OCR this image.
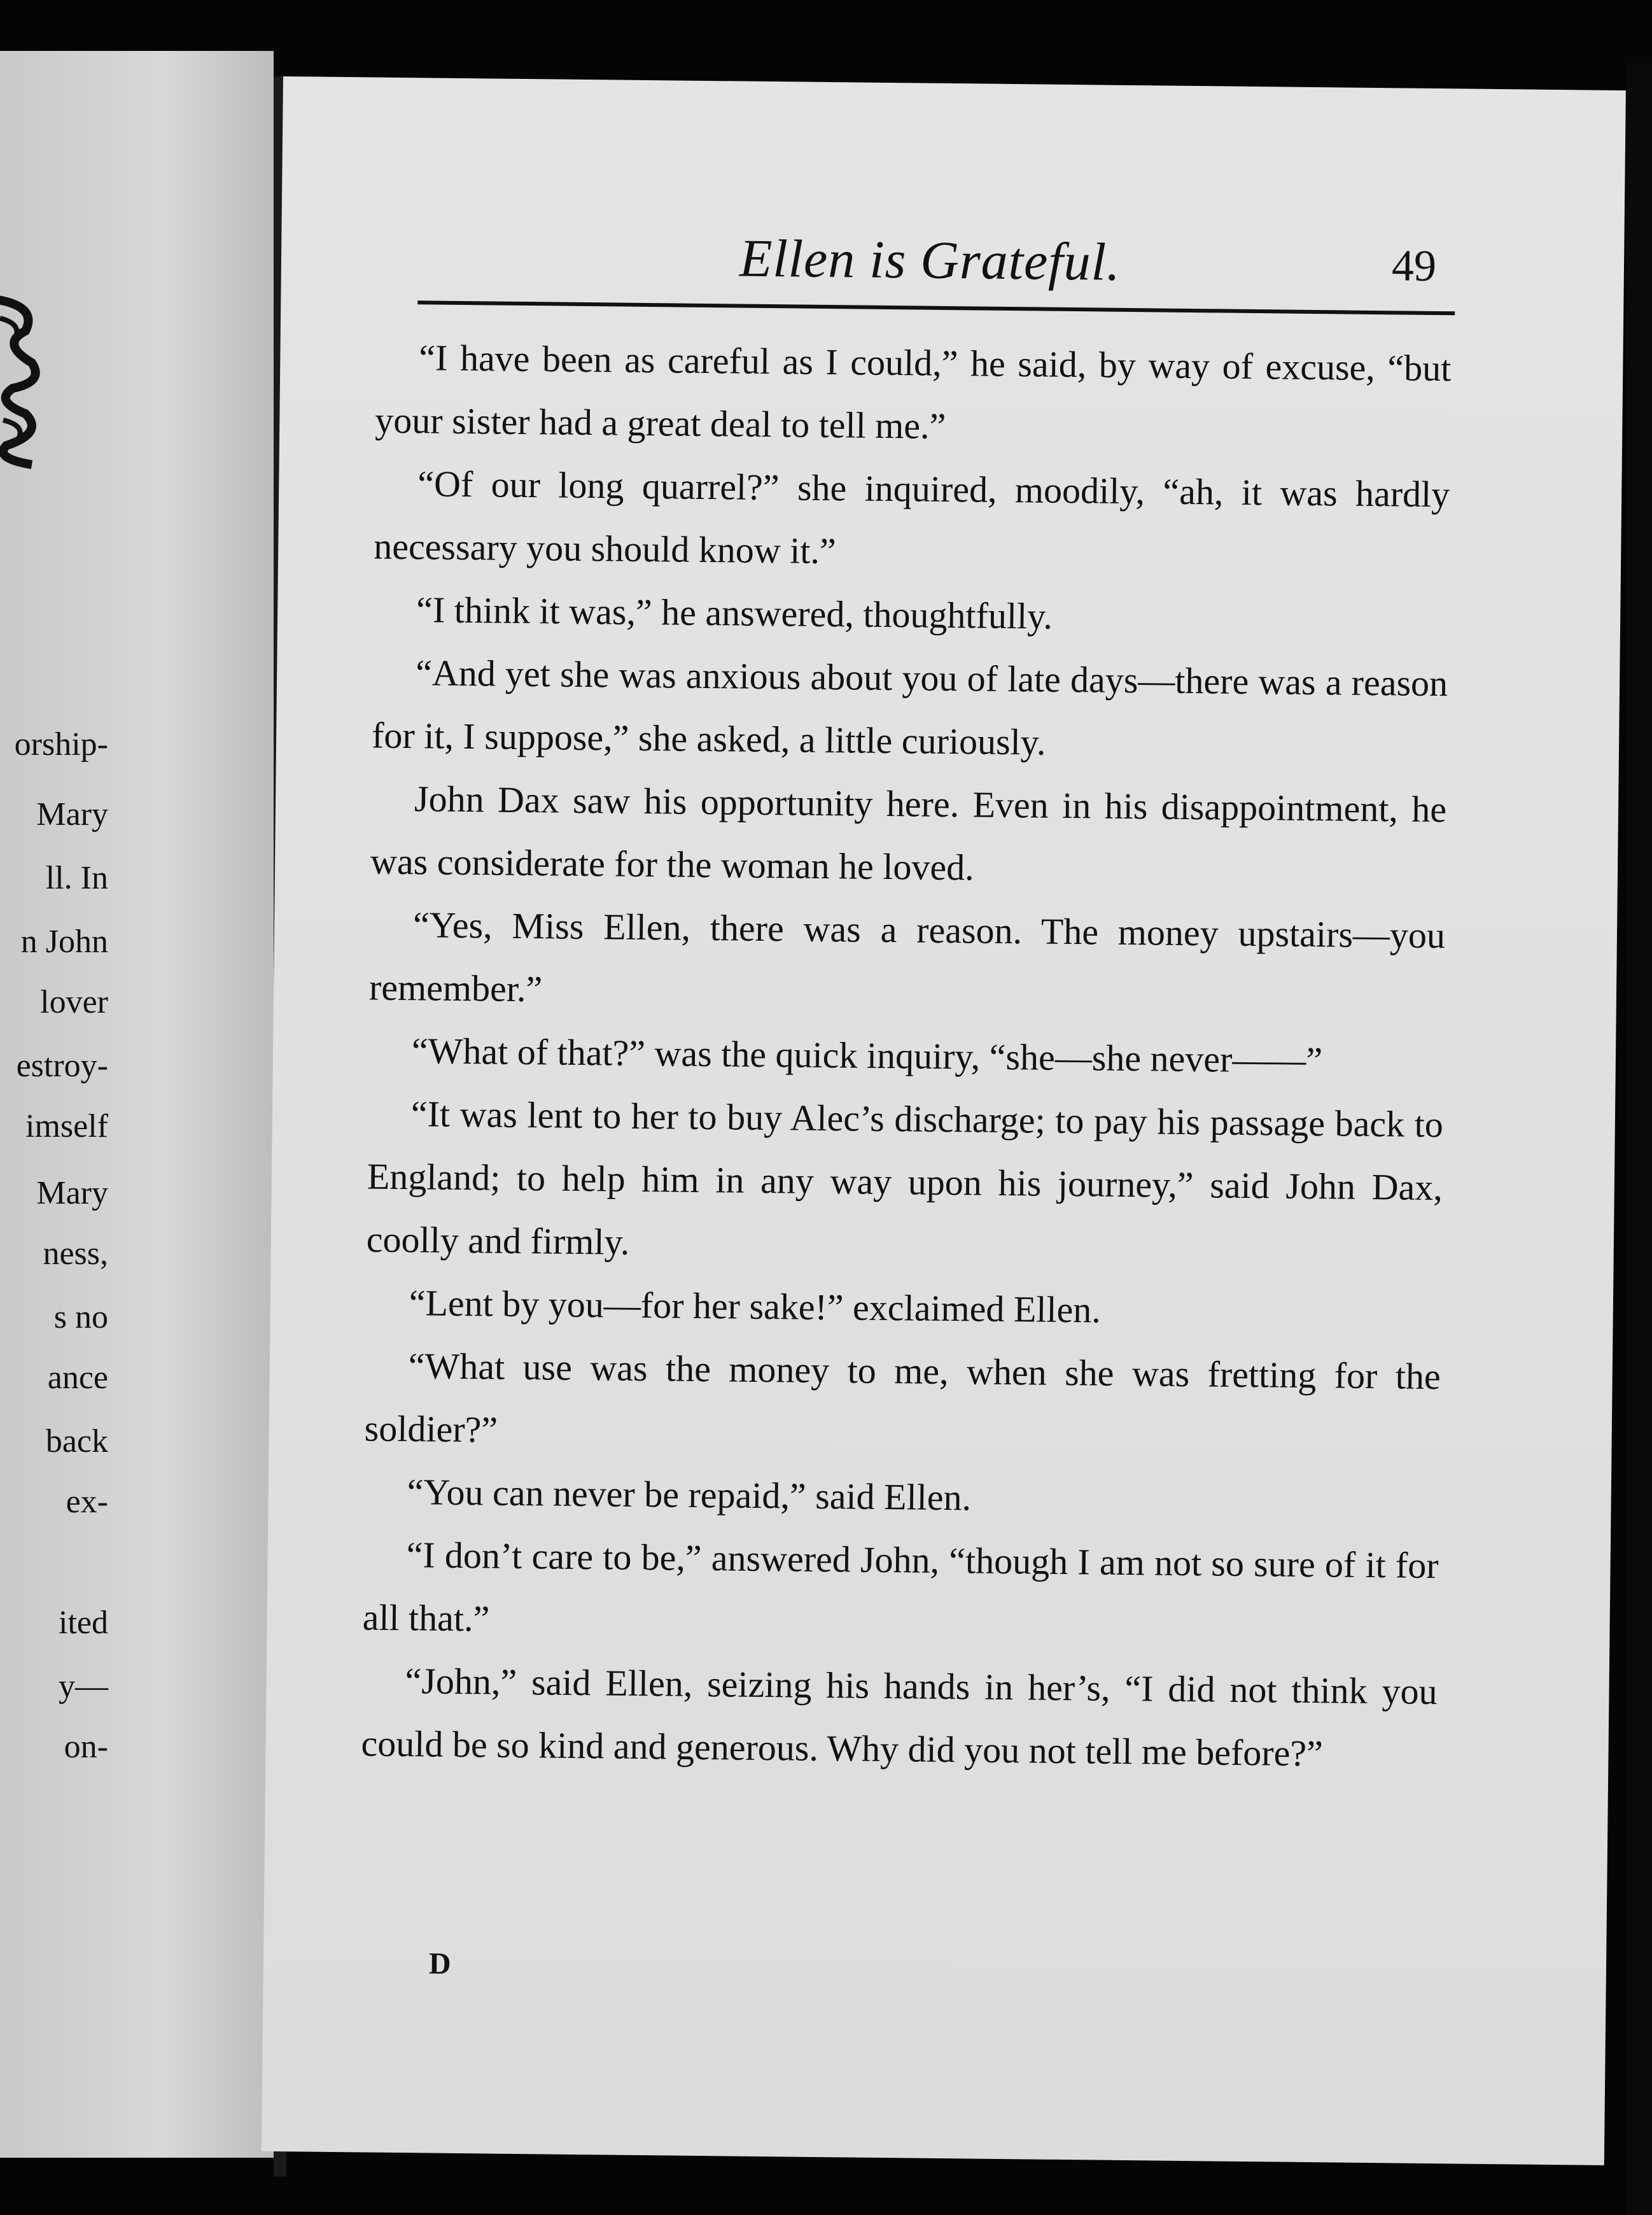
orship-
Mary
ll. In
n John
lover
estroy-
imself
Mary
ness,
s no
ance
back
ex-
ited
y—
on-
Ellen is Grateful.	49

“I have been as careful as I could,” he said, by way of excuse, “but your sister had a great deal to tell me.”

“Of our long quarrel?” she inquired, moodily, “ah, it was hardly necessary you should know it.”

“I think it was,” he answered, thoughtfully.

“And yet she was anxious about you of late days—there was a reason for it, I suppose,” she asked, a little curiously.

John Dax saw his opportunity here. Even in his disappointment, he was considerate for the woman he loved.

“Yes, Miss Ellen, there was a reason. The money upstairs—you remember.”

“What of that?” was the quick inquiry, “she—she never——”

“It was lent to her to buy Alec’s discharge; to pay his passage back to England; to help him in any way upon his journey,” said John Dax, coolly and firmly.

“Lent by you—for her sake!” exclaimed Ellen.

“What use was the money to me, when she was fretting for the soldier?”

“You can never be repaid,” said Ellen.

“I don’t care to be,” answered John, “though I am not so sure of it for all that.”

“John,” said Ellen, seizing his hands in her’s, “I did not think you could be so kind and generous. Why did you not tell me before?”

D
